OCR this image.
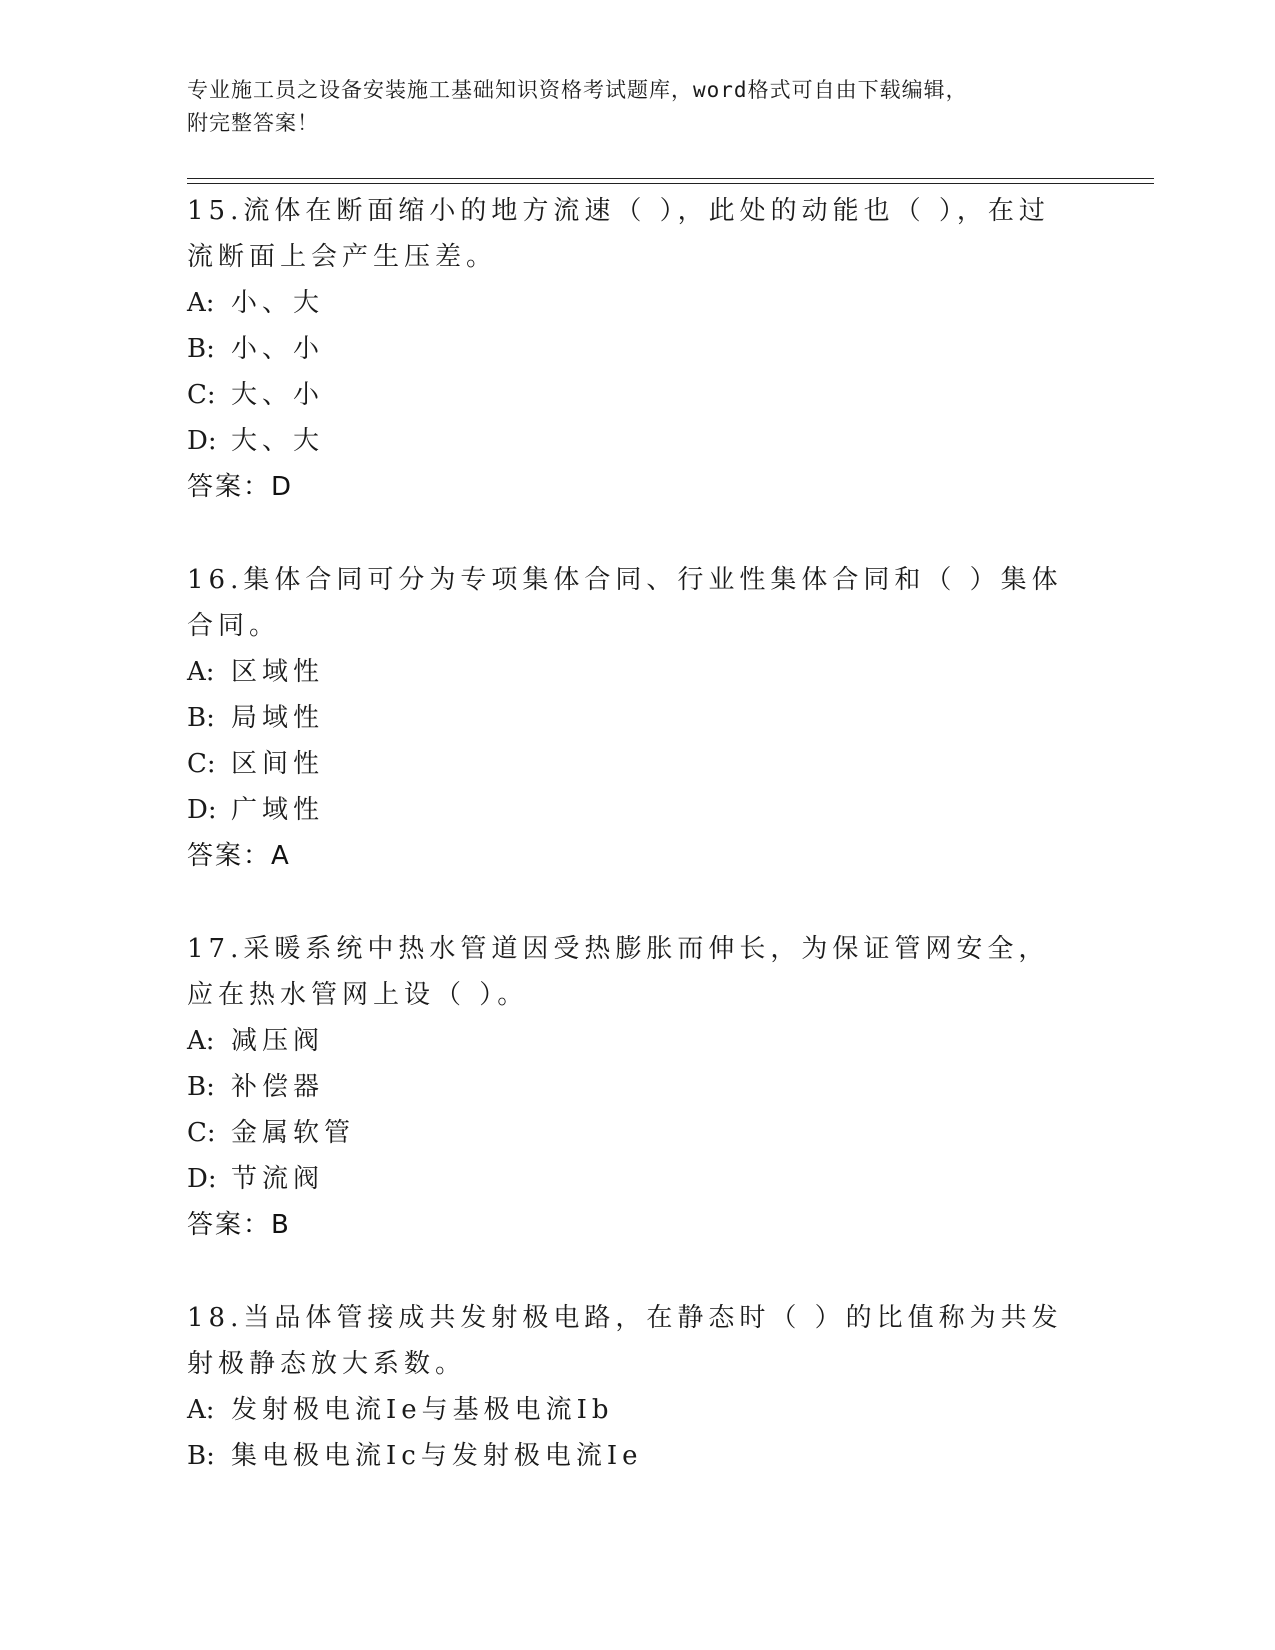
专业施工员之设备安装施工基础知识资格考试题库，word格式可自由下载编辑，
附完整答案！
15.流体在断面缩小的地方流速（ ），此处的动能也（ ），在过流断面上会产生压差。
A: 小、大
B: 小、小
C: 大、小
D: 大、大
答案：D
16.集体合同可分为专项集体合同、行业性集体合同和（ ）集体合同。
A: 区域性
B: 局域性
C: 区间性
D: 广域性
答案：A
17.采暖系统中热水管道因受热膨胀而伸长，为保证管网安全，应在热水管网上设（ ）。
A: 减压阀
B: 补偿器
C: 金属软管
D: 节流阀
答案：B
18.当品体管接成共发射极电路，在静态时（ ）的比值称为共发射极静态放大系数。
A: 发射极电流Ie与基极电流Ib
B: 集电极电流Ic与发射极电流Ie
